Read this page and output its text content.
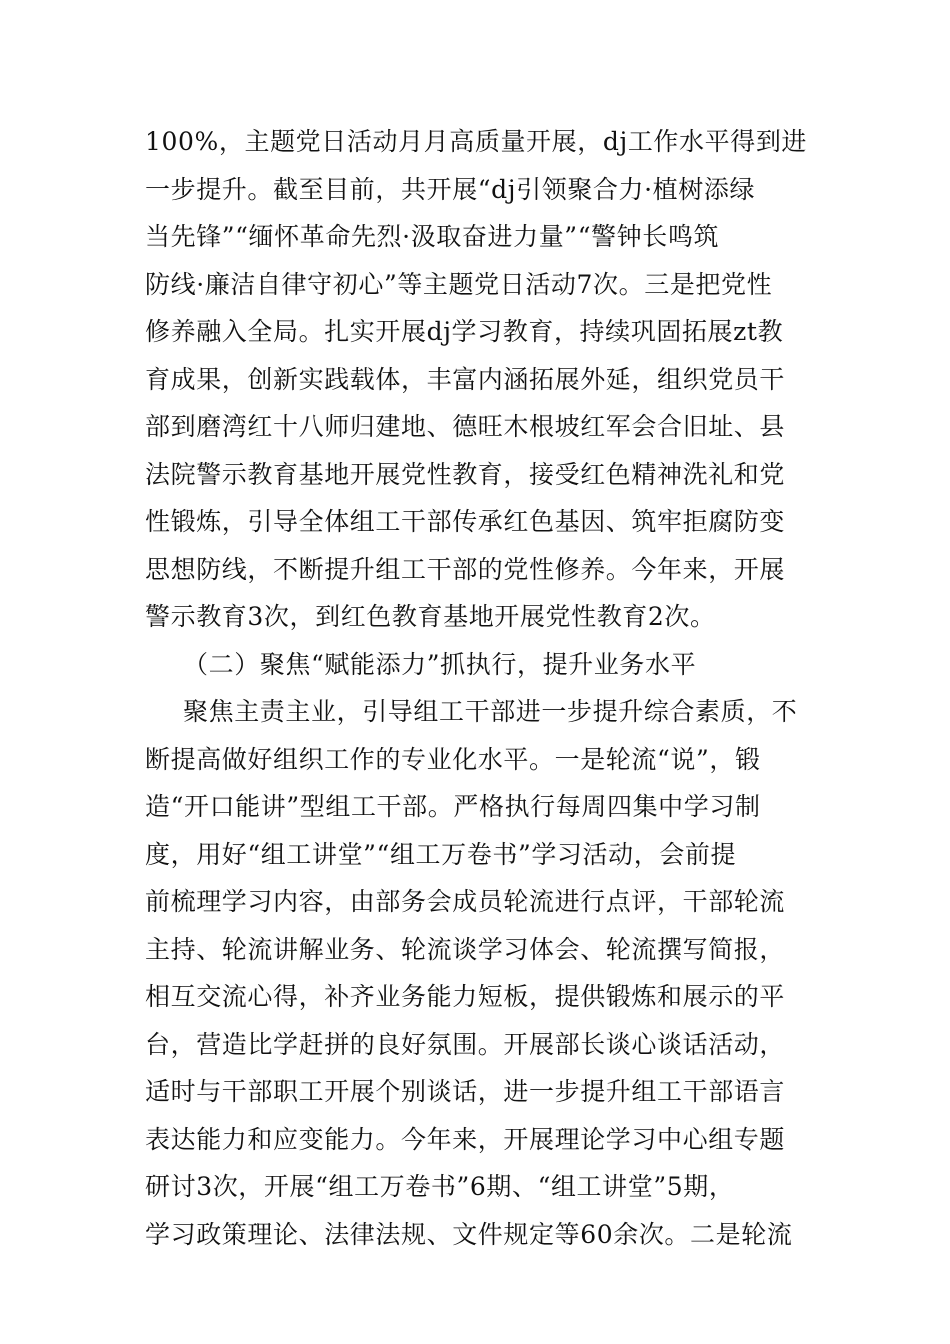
100%，主题党日活动月月高质量开展，dj工作水平得到进
一步提升。截至目前，共开展“dj引领聚合力·植树添绿
当先锋”“缅怀革命先烈·汲取奋进力量”“警钟长鸣筑
防线·廉洁自律守初心”等主题党日活动7次。三是把党性
修养融入全局。扎实开展dj学习教育，持续巩固拓展zt教
育成果，创新实践载体，丰富内涵拓展外延，组织党员干
部到磨湾红十八师归建地、德旺木根坡红军会合旧址、县
法院警示教育基地开展党性教育，接受红色精神洗礼和党
性锻炼，引导全体组工干部传承红色基因、筑牢拒腐防变
思想防线，不断提升组工干部的党性修养。今年来，开展
警示教育3次，到红色教育基地开展党性教育2次。
（二）聚焦“赋能添力”抓执行，提升业务水平
聚焦主责主业，引导组工干部进一步提升综合素质，不
断提高做好组织工作的专业化水平。一是轮流“说”，锻
造“开口能讲”型组工干部。严格执行每周四集中学习制
度，用好“组工讲堂”“组工万卷书”学习活动，会前提
前梳理学习内容，由部务会成员轮流进行点评，干部轮流
主持、轮流讲解业务、轮流谈学习体会、轮流撰写简报，
相互交流心得，补齐业务能力短板，提供锻炼和展示的平
台，营造比学赶拼的良好氛围。开展部长谈心谈话活动，
适时与干部职工开展个别谈话，进一步提升组工干部语言
表达能力和应变能力。今年来，开展理论学习中心组专题
研讨3次，开展“组工万卷书”6期、“组工讲堂”5期，
学习政策理论、法律法规、文件规定等60余次。二是轮流
